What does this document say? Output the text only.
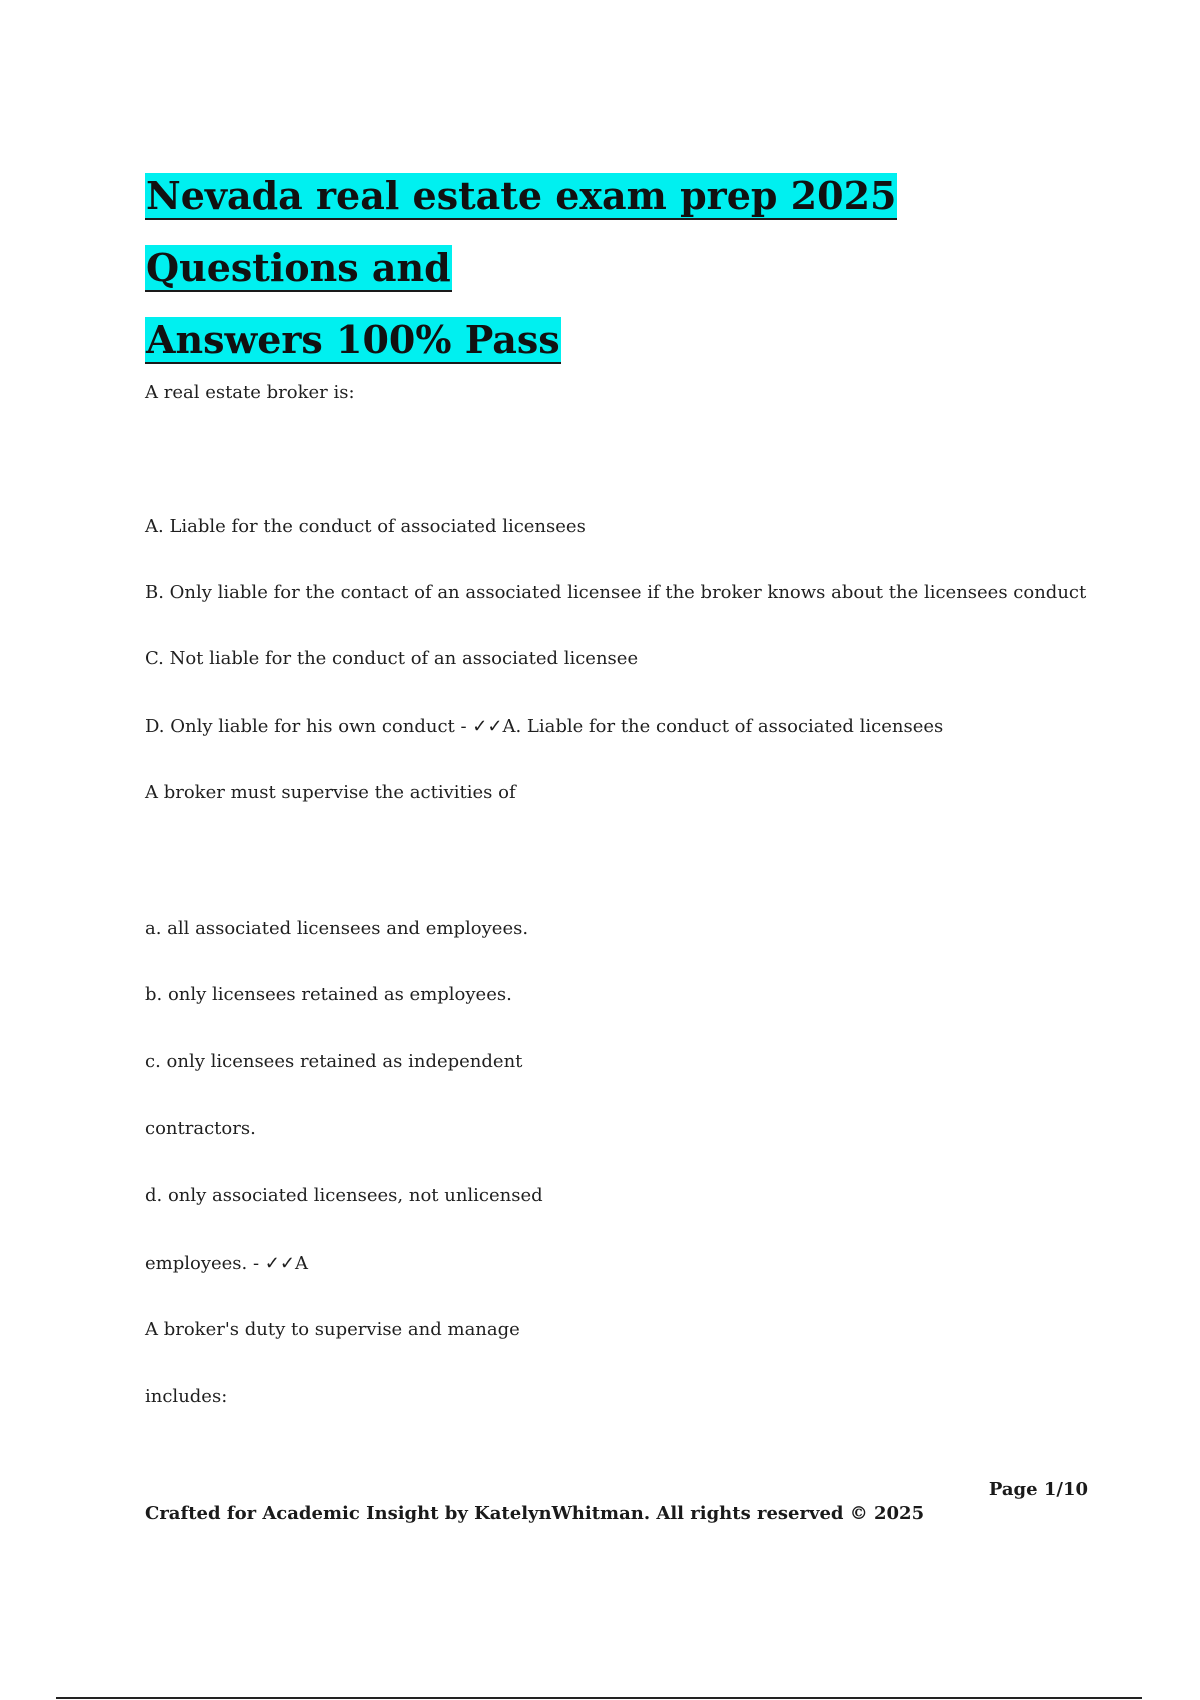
Nevada real estate exam prep 2025 Questions and
Answers 100% Pass

A real estate broker is:

A. Liable for the conduct of associated licensees

B. Only liable for the contact of an associated licensee if the broker knows about the licensees conduct

C. Not liable for the conduct of an associated licensee

D. Only liable for his own conduct - ✓✓A. Liable for the conduct of associated licensees

A broker must supervise the activities of

a. all associated licensees and employees.

b. only licensees retained as employees.

c. only licensees retained as independent

contractors.

d. only associated licensees, not unlicensed

employees. - ✓✓A

A broker's duty to supervise and manage

includes:

Page 1/10

Crafted for Academic Insight by KatelynWhitman. All rights reserved © 2025
